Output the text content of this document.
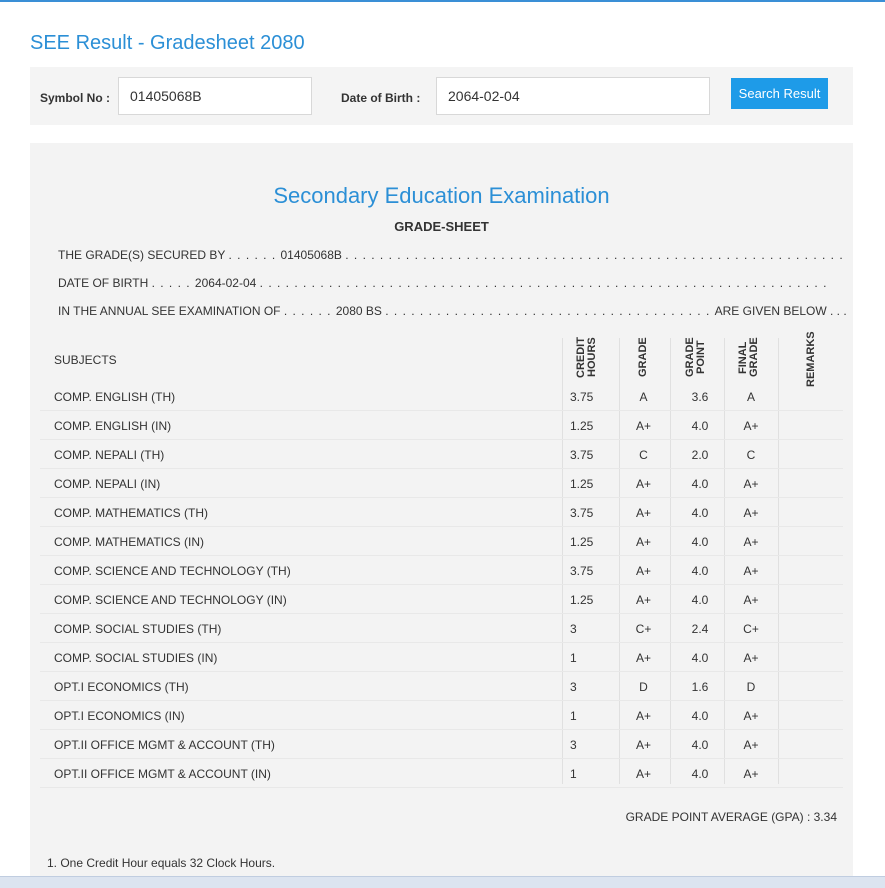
SEE Result - Gradesheet 2080
Symbol No :
01405068B	Date of Birth :
2064-02-04	Search Result
Secondary Education Examination
GRADE-SHEET
THE GRADE(S) SECURED BY . . . . . . 01405068B . . . . . . . . . . . . . . . . . . . . . . . . . . . . . . . . . . . . . . . . . . . . . . . . . . . . . . . . . .
DATE OF BIRTH . . . . . 2064-02-04 . . . . . . . . . . . . . . . . . . . . . . . . . . . . . . . . . . . . . . . . . . . . . . . . . . . . . . . . . . . . . . . . . .
IN THE ANNUAL SEE EXAMINATION OF . . . . . . 2080 BS . . . . . . . . . . . . . . . . . . . . . . . . . . . . . . . . . . . . . . ARE GIVEN BELOW . . .
SUBJECTS	CREDIT HOURS	GRADE	GRADE POINT	FINAL GRADE	REMARKS
COMP. ENGLISH (TH)	3.75	A	3.6	A
COMP. ENGLISH (IN)	1.25	A+	4.0	A+
COMP. NEPALI (TH)	3.75	C	2.0	C
COMP. NEPALI (IN)	1.25	A+	4.0	A+
COMP. MATHEMATICS (TH)	3.75	A+	4.0	A+
COMP. MATHEMATICS (IN)	1.25	A+	4.0	A+
COMP. SCIENCE AND TECHNOLOGY (TH)	3.75	A+	4.0	A+
COMP. SCIENCE AND TECHNOLOGY (IN)	1.25	A+	4.0	A+
COMP. SOCIAL STUDIES (TH)	3	C+	2.4	C+
COMP. SOCIAL STUDIES (IN)	1	A+	4.0	A+
OPT.I ECONOMICS (TH)	3	D	1.6	D
OPT.I ECONOMICS (IN)	1	A+	4.0	A+
OPT.II OFFICE MGMT & ACCOUNT (TH)	3	A+	4.0	A+
OPT.II OFFICE MGMT & ACCOUNT (IN)	1	A+	4.0	A+
GRADE POINT AVERAGE (GPA) : 3.34
1. One Credit Hour equals 32 Clock Hours.
